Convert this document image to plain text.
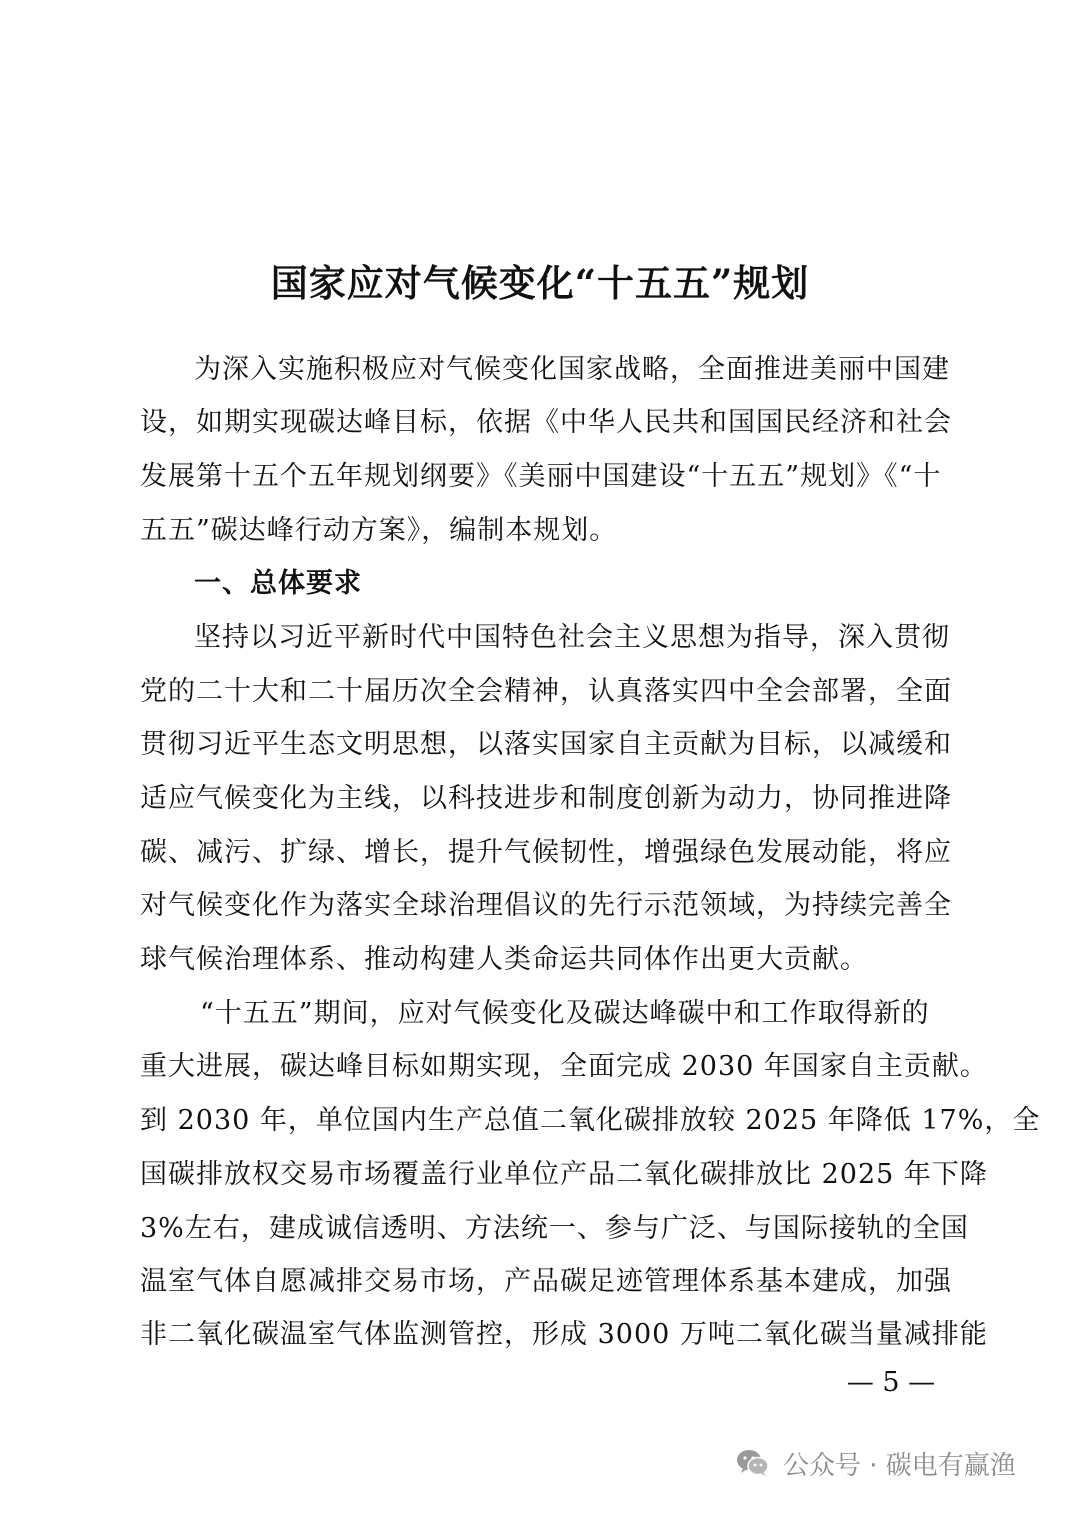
国家应对气候变化“十五五”规划
为深入实施积极应对气候变化国家战略，全面推进美丽中国建
设，如期实现碳达峰目标，依据《中华人民共和国国民经济和社会
发展第十五个五年规划纲要》《美丽中国建设“十五五”规划》《“十
五五”碳达峰行动方案》，编制本规划。
一、总体要求
坚持以习近平新时代中国特色社会主义思想为指导，深入贯彻
党的二十大和二十届历次全会精神，认真落实四中全会部署，全面
贯彻习近平生态文明思想，以落实国家自主贡献为目标，以减缓和
适应气候变化为主线，以科技进步和制度创新为动力，协同推进降
碳、减污、扩绿、增长，提升气候韧性，增强绿色发展动能，将应
对气候变化作为落实全球治理倡议的先行示范领域，为持续完善全
球气候治理体系、推动构建人类命运共同体作出更大贡献。
“十五五”期间，应对气候变化及碳达峰碳中和工作取得新的
重大进展，碳达峰目标如期实现，全面完成 2030 年国家自主贡献。
到 2030 年，单位国内生产总值二氧化碳排放较 2025 年降低 17%，全
国碳排放权交易市场覆盖行业单位产品二氧化碳排放比 2025 年下降
3%左右，建成诚信透明、方法统一、参与广泛、与国际接轨的全国
温室气体自愿减排交易市场，产品碳足迹管理体系基本建成，加强
非二氧化碳温室气体监测管控，形成 3000 万吨二氧化碳当量减排能
— 5 —
公众号 · 碳电有赢渔
